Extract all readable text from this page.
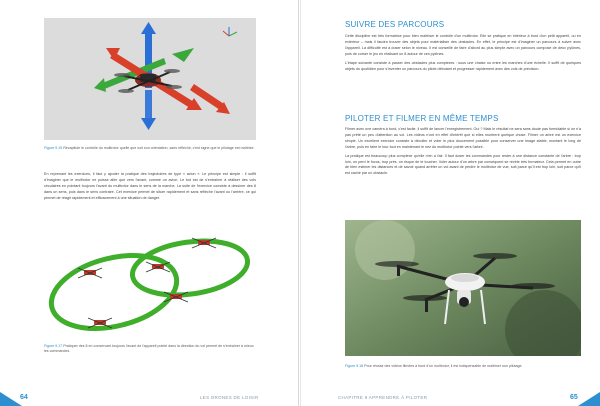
Figure 9.15 Récapitule le contrôle du multirotor quelle que soit son orientation, sans réfléchir, c'est signe que le pilotage est maîtrisé.

En reprenant les exercices, il faut y ajouter la pratique des trajectoires de type « avion ». Le principe est simple : il suffit d'imaginer que le multirotor ne puisse aller que vers l'avant, comme un avion. Le but est de s'entraîner à réaliser des vols circulaires en pointant toujours l'avant du multirotor dans le sens de la marche. La suite de l'exercice consiste à dessiner des 8 dans un sens, puis dans le sens contraire. Cet exercice permet de situer rapidement et sans réfléchir l'avant ou l'arrière, ce qui permet de réagir rapidement et efficacement à une situation de danger.

Figure 9.17 Pratiquer des 8 en conservant toujours l'avant de l'appareil pointé dans la direction du vol permet de s'entraîner à mieux les commandes.
64	LES DRONES DE LOISIR
SUIVRE DES PARCOURS

Cette discipline est très formatrice pour bien maîtriser le contrôle d'un multirotor. Elle se pratique en intérieur à bord d'un petit appareil, ou en extérieur – mais il faudra trouver des objets pour matérialiser des obstacles. En effet, le principe est d'imaginer un parcours à suivre avec l'appareil. La difficulté est à doser selon le niveau. Il est conseillé de faire d'abord au plus simple avec un parcours composé de deux pylônes, puis de corser le jeu en réalisant un 8 autour de ces pylônes.

L'étape suivante consiste à passer des obstacles plus complexes : sous une chaise ou entre les marches d'une échelle. Il suffit de quelques objets du quotidien pour s'inventer un parcours du pilote débutant et progresser rapidement avec des vols de précision.

PILOTER ET FILMER EN MÊME TEMPS

Filmer avec une caméra à bord, c'est facile, il suffit de lancer l'enregistrement. Oui ? Mais le résultat ne sera sans doute pas formidable si on n'a pas prêté un peu d'attention au vol. Les vidéos n'ont en effet d'intérêt que si elles montrent quelque chose. Filmer un arbre est un exercice simple. Un excellent exercice consiste à décoller et voler le plus doucement possible pour conserver une image stable, montant le long de l'arbre, puis en faire le tour tout en maintenant le nez du multirotor pointé vers l'arbre.

La pratique est beaucoup plus complexe qu'elle n'en a l'air. Il faut doser les commandes pour rester à une distance constante de l'arbre : trop loin, on perd le focus, trop près, on risque de le toucher. Voler autour d'un arbre par conséquent se révèle très formateur. Cela permet en outre de bien estimer les distances et de savoir quand arrêter un vol avant de perdre le multirotor de vue, soit parce qu'il est trop loin, soit parce qu'il est caché par un obstacle.

Figure 9.18 Pour réussir des vidéos filmées à bord d'un multirotor, il est indispensable de maîtriser son pilotage.
CHAPITRE 9 APPRENDRE À PILOTER	65
